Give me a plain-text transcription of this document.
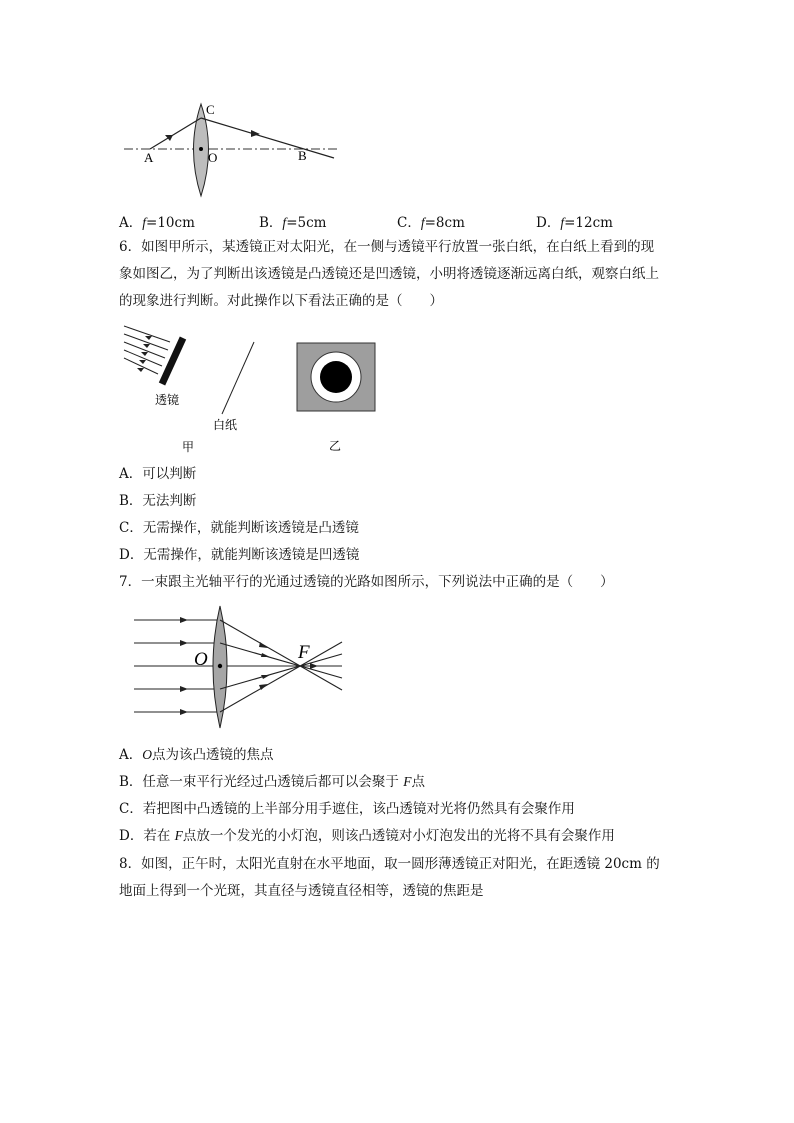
C
A	O	B
A．f=10cm	B．f=5cm	C．f=8cm	D．f=12cm
6．如图甲所示，某透镜正对太阳光，在一侧与透镜平行放置一张白纸，在白纸上看到的现
象如图乙，为了判断出该透镜是凸透镜还是凹透镜，小明将透镜逐渐远离白纸，观察白纸上
的现象进行判断。对此操作以下看法正确的是（　　）
透镜
白纸
甲	乙
A．可以判断
B．无法判断
C．无需操作，就能判断该透镜是凸透镜
D．无需操作，就能判断该透镜是凹透镜
7．一束跟主光轴平行的光通过透镜的光路如图所示，下列说法中正确的是（　　）
O	F
A．O点为该凸透镜的焦点
B．任意一束平行光经过凸透镜后都可以会聚于 F点
C．若把图中凸透镜的上半部分用手遮住，该凸透镜对光将仍然具有会聚作用
D．若在 F点放一个发光的小灯泡，则该凸透镜对小灯泡发出的光将不具有会聚作用
8．如图，正午时，太阳光直射在水平地面，取一圆形薄透镜正对阳光，在距透镜 20cm 的
地面上得到一个光斑，其直径与透镜直径相等，透镜的焦距是
